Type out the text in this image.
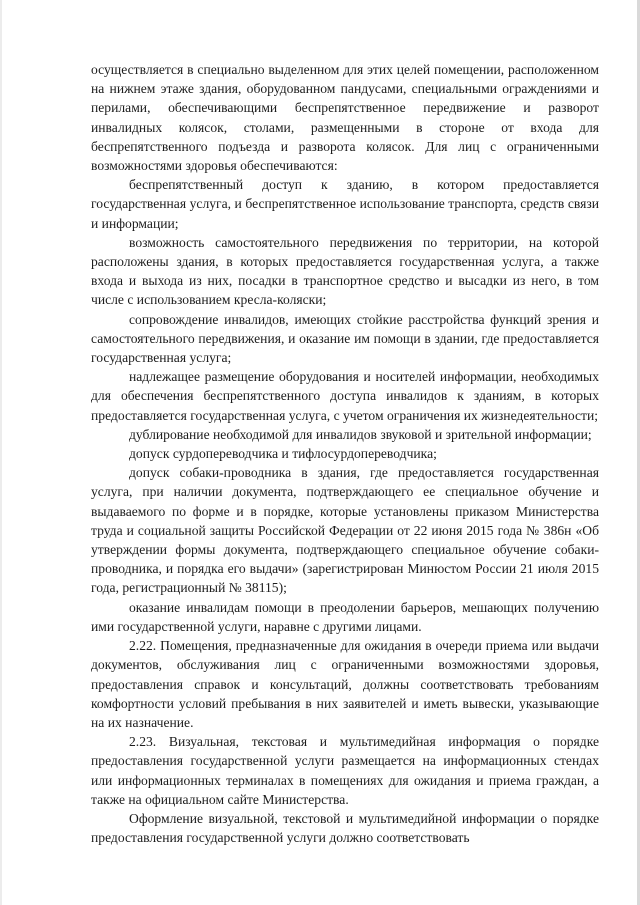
осуществляется в специально выделенном для этих целей помещении, расположенном на нижнем этаже здания, оборудованном пандусами, специальными ограждениями и перилами, обеспечивающими беспрепятственное передвижение и разворот инвалидных колясок, столами, размещенными в стороне от входа для беспрепятственного подъезда и разворота колясок. Для лиц с ограниченными возможностями здоровья обеспечиваются:

беспрепятственный доступ к зданию, в котором предоставляется государственная услуга, и беспрепятственное использование транспорта, средств связи и информации;

возможность самостоятельного передвижения по территории, на которой расположены здания, в которых предоставляется государственная услуга, а также входа и выхода из них, посадки в транспортное средство и высадки из него, в том числе с использованием кресла-коляски;

сопровождение инвалидов, имеющих стойкие расстройства функций зрения и самостоятельного передвижения, и оказание им помощи в здании, где предоставляется государственная услуга;

надлежащее размещение оборудования и носителей информации, необходимых для обеспечения беспрепятственного доступа инвалидов к зданиям, в которых предоставляется государственная услуга, с учетом ограничения их жизнедеятельности;

дублирование необходимой для инвалидов звуковой и зрительной информации;

допуск сурдопереводчика и тифлосурдопереводчика;

допуск собаки-проводника в здания, где предоставляется государственная услуга, при наличии документа, подтверждающего ее специальное обучение и выдаваемого по форме и в порядке, которые установлены приказом Министерства труда и социальной защиты Российской Федерации от 22 июня 2015 года № 386н «Об утверждении формы документа, подтверждающего специальное обучение собаки-проводника, и порядка его выдачи» (зарегистрирован Минюстом России 21 июля 2015 года, регистрационный № 38115);

оказание инвалидам помощи в преодолении барьеров, мешающих получению ими государственной услуги, наравне с другими лицами.

2.22. Помещения, предназначенные для ожидания в очереди приема или выдачи документов, обслуживания лиц с ограниченными возможностями здоровья, предоставления справок и консультаций, должны соответствовать требованиям комфортности условий пребывания в них заявителей и иметь вывески, указывающие на их назначение.

2.23. Визуальная, текстовая и мультимедийная информация о порядке предоставления государственной услуги размещается на информационных стендах или информационных терминалах в помещениях для ожидания и приема граждан, а также на официальном сайте Министерства.

Оформление визуальной, текстовой и мультимедийной информации о порядке предоставления государственной услуги должно соответствовать
